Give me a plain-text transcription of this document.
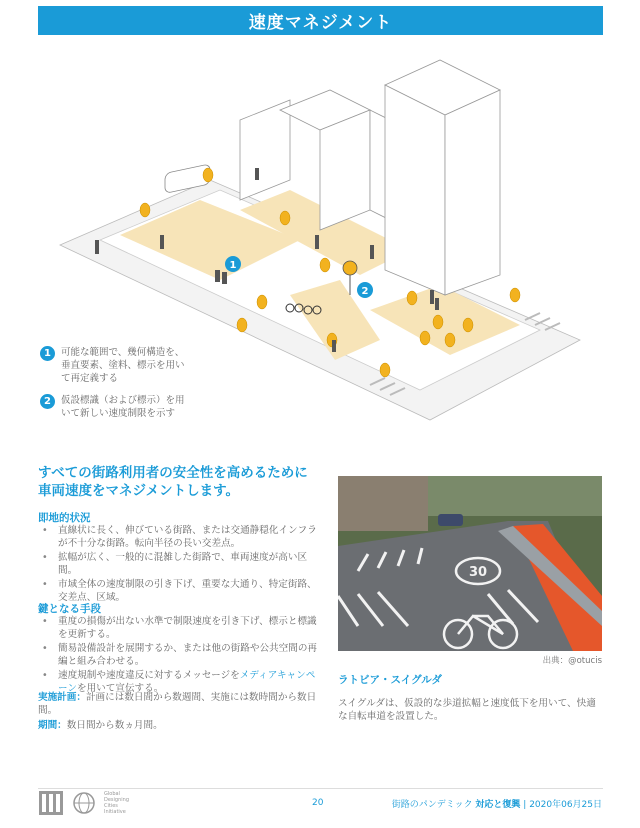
速度マネジメント
1
2
1	可能な範囲で、幾何構造を、垂直要素、塗料、標示を用いて再定義する
2	仮設標識（および標示）を用いて新しい速度制限を示す
すべての街路利用者の安全性を高めるために車両速度をマネジメントします。
即地的状況
• 直線状に長く、伸びている街路、または交通静穏化インフラが不十分な街路。転向半径の長い交差点。
• 拡幅が広く、一般的に混雑した街路で、車両速度が高い区間。
• 市域全体の速度制限の引き下げ、重要な大通り、特定街路、交差点、区域。
鍵となる手段
• 重度の損傷が出ない水準で制限速度を引き下げ、標示と標識を更新する。
• 簡易設備設計を展開するか、または他の街路や公共空間の再編と組み合わせる。
• 速度規制や速度違反に対するメッセージをメディアキャンペーンを用いて宣伝する。
実施計画：計画には数日間から数週間、実施には数時間から数日間。
期間：数日間から数ヵ月間。
30
出典：@otucis
ラトビア・スイグルダ
スイグルダは、仮設的な歩道拡幅と速度低下を用いて、快適な自転車道を設置した。
Global Designing Cities Initiative
20	街路のパンデミック 対応と復興 | 2020年06月25日
